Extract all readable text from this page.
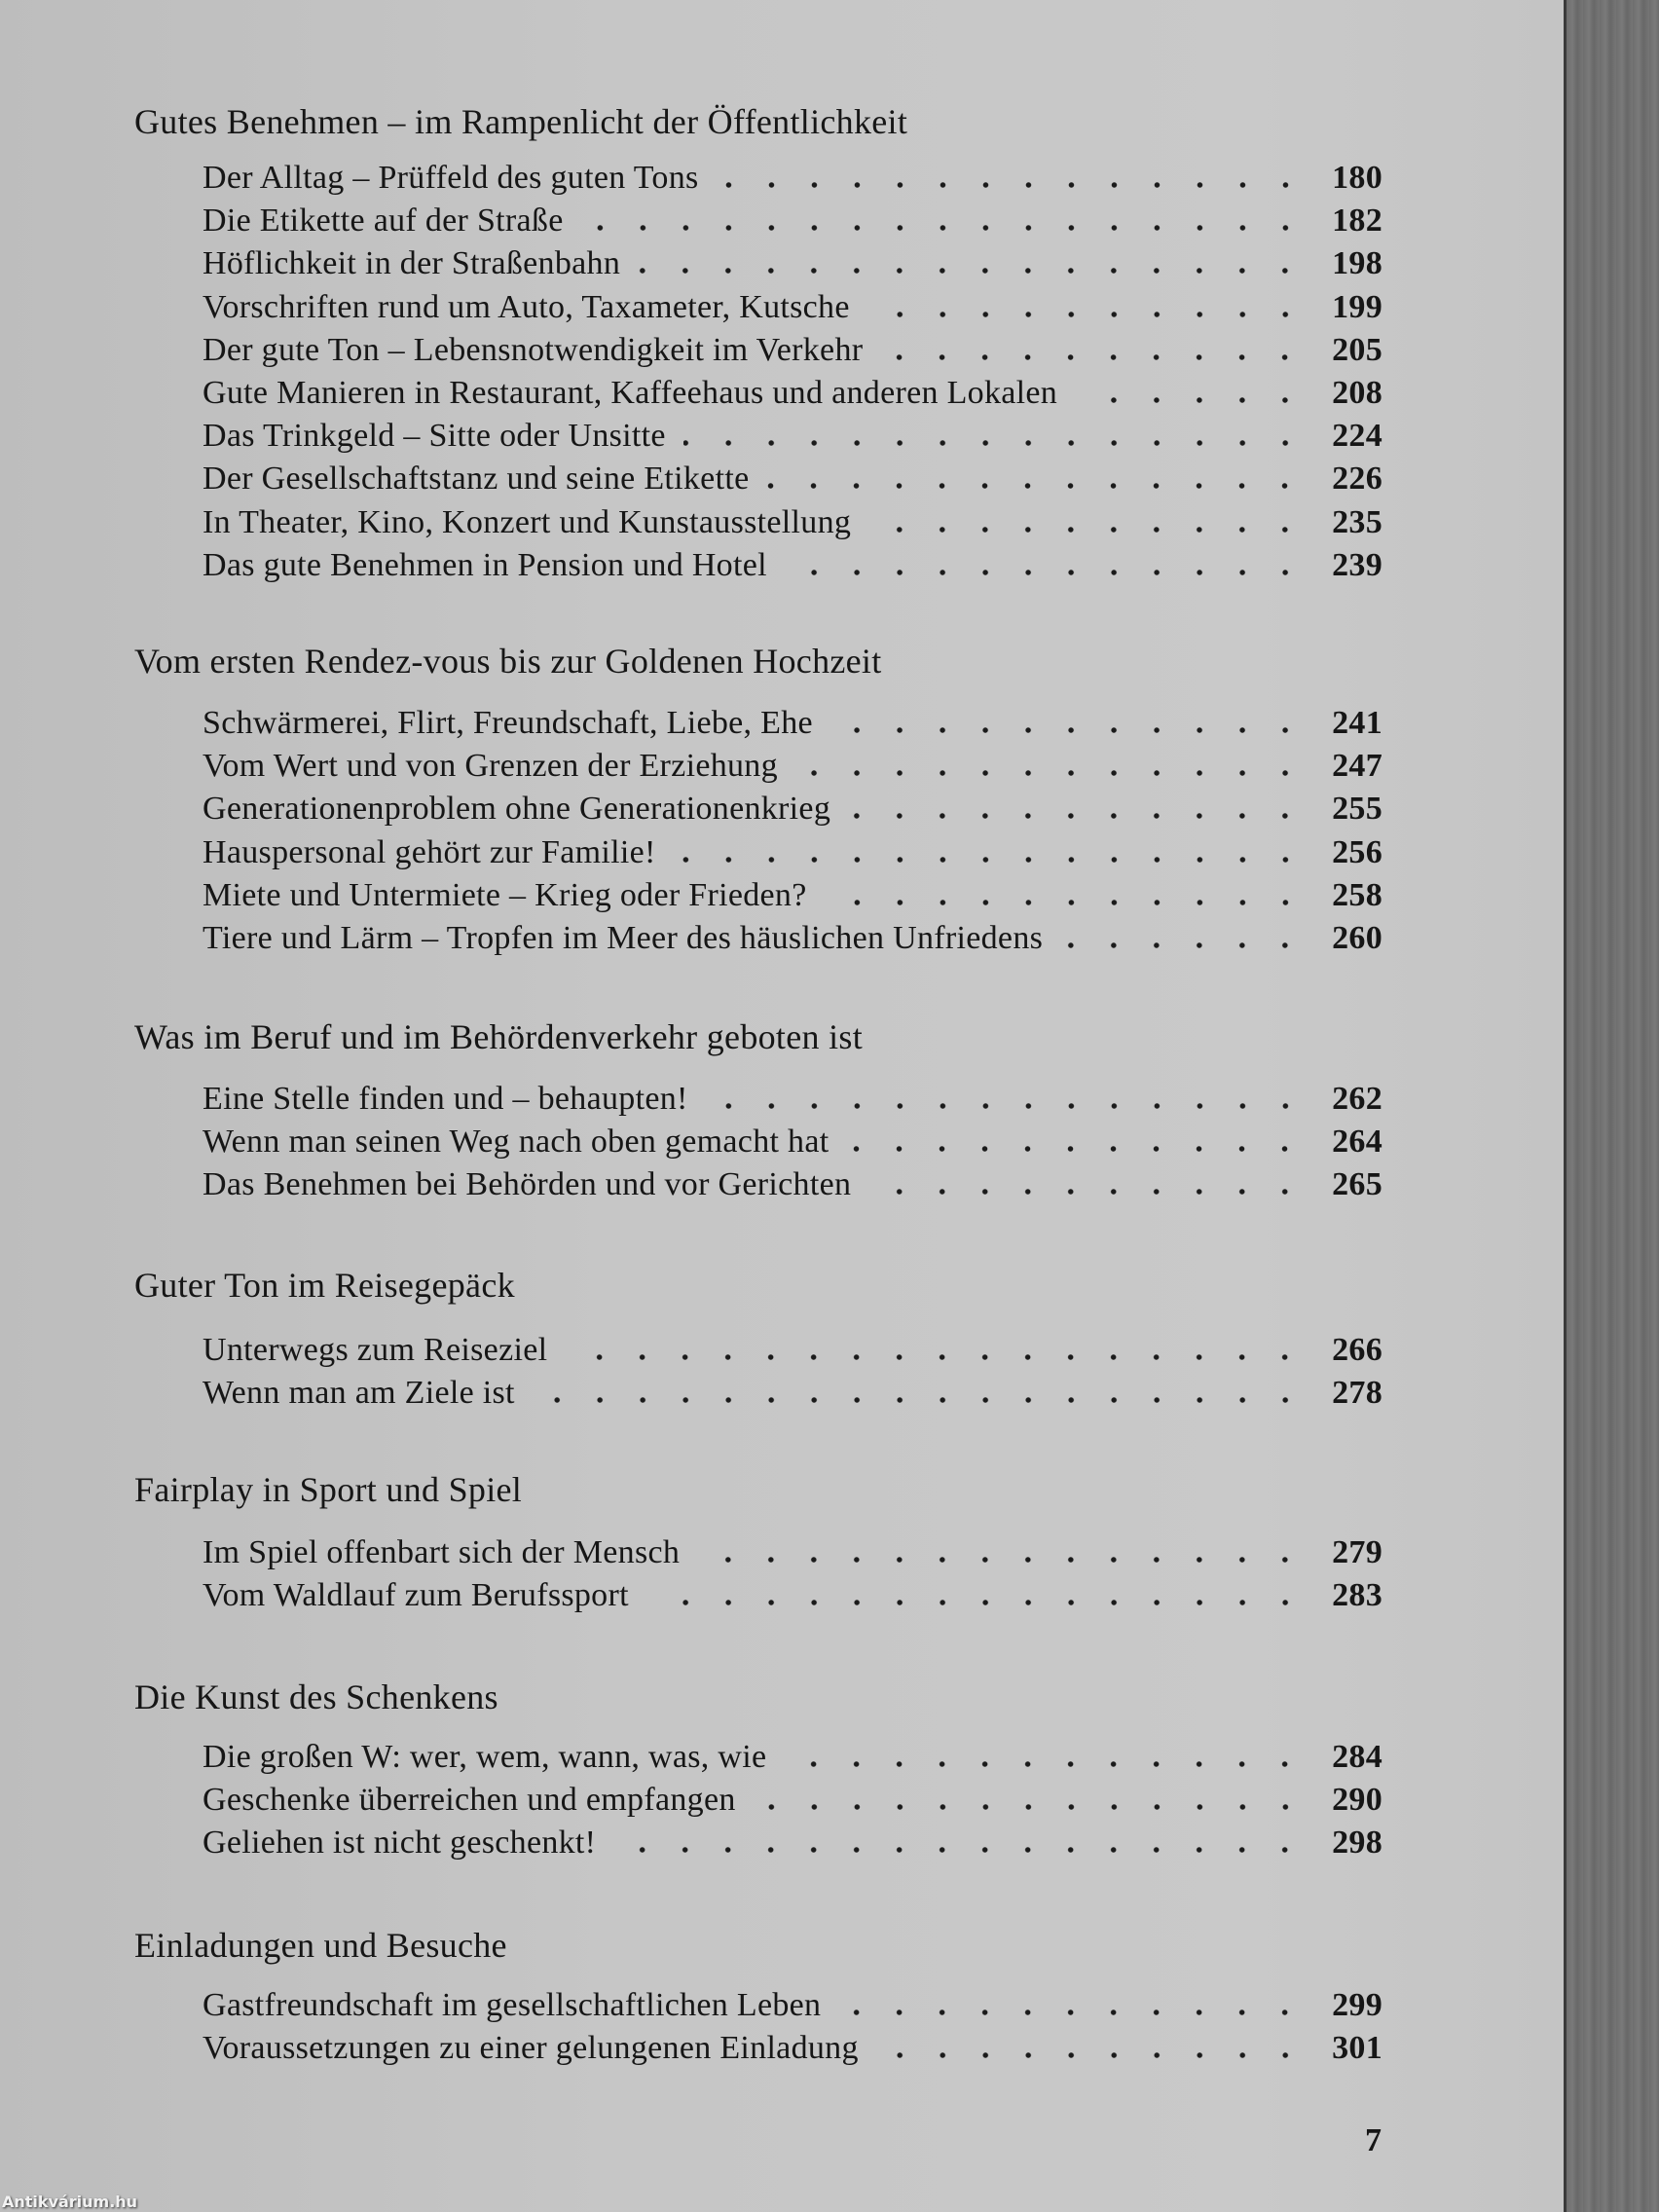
Gutes Benehmen – im Rampenlicht der Öffentlichkeit
Der Alltag – Prüffeld des guten Tons	180
Die Etikette auf der Straße	182
Höflichkeit in der Straßenbahn	198
Vorschriften rund um Auto, Taxameter, Kutsche	199
Der gute Ton – Lebensnotwendigkeit im Verkehr	205
Gute Manieren in Restaurant, Kaffeehaus und anderen Lokalen	208
Das Trinkgeld – Sitte oder Unsitte	224
Der Gesellschaftstanz und seine Etikette	226
In Theater, Kino, Konzert und Kunstausstellung	235
Das gute Benehmen in Pension und Hotel	239
Vom ersten Rendez-vous bis zur Goldenen Hochzeit
Schwärmerei, Flirt, Freundschaft, Liebe, Ehe	241
Vom Wert und von Grenzen der Erziehung	247
Generationenproblem ohne Generationenkrieg	255
Hauspersonal gehört zur Familie!	256
Miete und Untermiete – Krieg oder Frieden?	258
Tiere und Lärm – Tropfen im Meer des häuslichen Unfriedens	260
Was im Beruf und im Behördenverkehr geboten ist
Eine Stelle finden und – behaupten!	262
Wenn man seinen Weg nach oben gemacht hat	264
Das Benehmen bei Behörden und vor Gerichten	265
Guter Ton im Reisegepäck
Unterwegs zum Reiseziel	266
Wenn man am Ziele ist	278
Fairplay in Sport und Spiel
Im Spiel offenbart sich der Mensch	279
Vom Waldlauf zum Berufssport	283
Die Kunst des Schenkens
Die großen W: wer, wem, wann, was, wie	284
Geschenke überreichen und empfangen	290
Geliehen ist nicht geschenkt!	298
Einladungen und Besuche
Gastfreundschaft im gesellschaftlichen Leben	299
Voraussetzungen zu einer gelungenen Einladung	301
7
Antikvárium.hu
